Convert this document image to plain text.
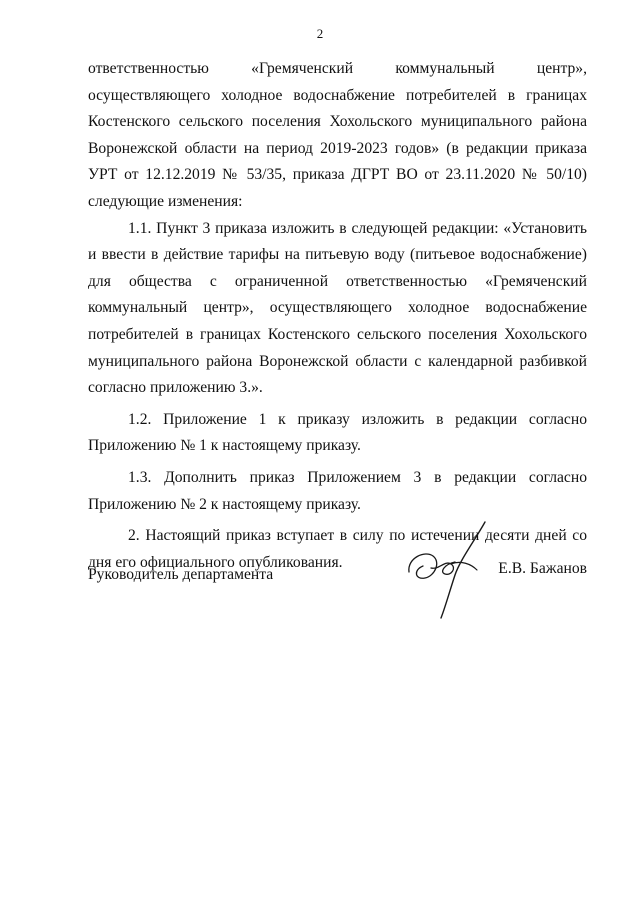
2

ответственностью «Гремяченский коммунальный центр», осуществляющего холодное водоснабжение потребителей в границах Костенского сельского поселения Хохольского муниципального района Воронежской области на период 2019-2023 годов» (в редакции приказа УРТ от 12.12.2019 № 53/35, приказа ДГРТ ВО от 23.11.2020 № 50/10) следующие изменения:

1.1. Пункт 3 приказа изложить в следующей редакции: «Установить и ввести в действие тарифы на питьевую воду (питьевое водоснабжение) для общества с ограниченной ответственностью «Гремяченский коммунальный центр», осуществляющего холодное водоснабжение потребителей в границах Костенского сельского поселения Хохольского муниципального района Воронежской области с календарной разбивкой согласно приложению 3.».

1.2. Приложение 1 к приказу изложить в редакции согласно Приложению № 1 к настоящему приказу.

1.3. Дополнить приказ Приложением 3 в редакции согласно Приложению № 2 к настоящему приказу.

2. Настоящий приказ вступает в силу по истечении десяти дней со дня его официального опубликования.

Руководитель департамента	Е.В. Бажанов
